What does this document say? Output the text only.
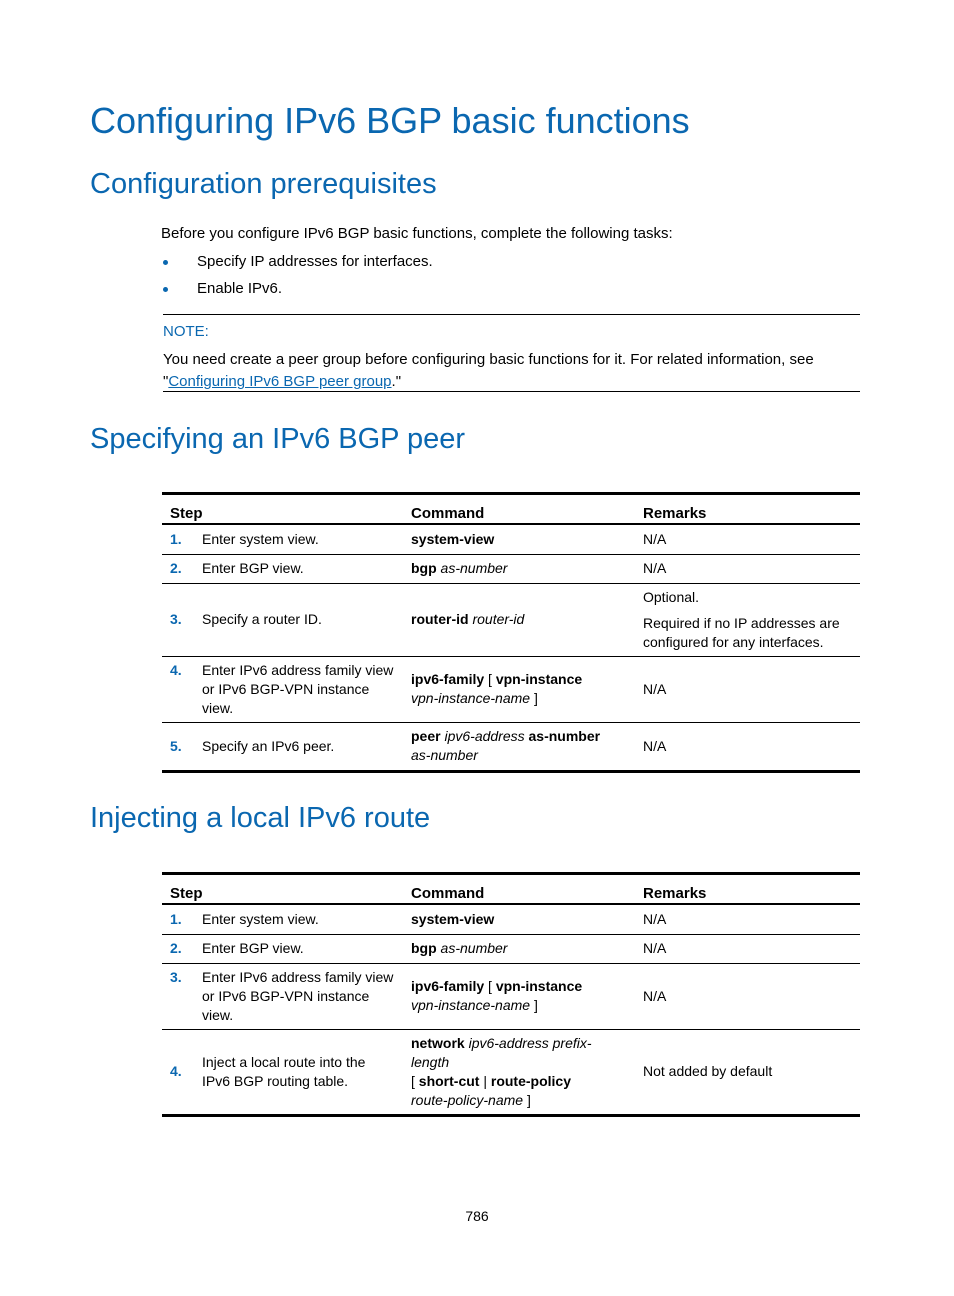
Configuring IPv6 BGP basic functions
Configuration prerequisites
Before you configure IPv6 BGP basic functions, complete the following tasks:
Specify IP addresses for interfaces.
Enable IPv6.
NOTE:
You need create a peer group before configuring basic functions for it. For related information, see
"Configuring IPv6 BGP peer group."
Specifying an IPv6 BGP peer
Step		Command	Remarks
1.	Enter system view.	system-view	N/A
2.	Enter BGP view.	bgp as-number	N/A
3.	Specify a router ID.	router-id router-id	Optional.
Required if no IP addresses are configured for any interfaces.

4.	Enter IPv6 address family view or IPv6 BGP-VPN instance view.	ipv6-family [ vpn-instance
vpn-instance-name ]	N/A
5.	Specify an IPv6 peer.	peer ipv6-address as-number
as-number	N/A
Injecting a local IPv6 route
Step		Command	Remarks
1.	Enter system view.	system-view	N/A
2.	Enter BGP view.	bgp as-number	N/A
3.	Enter IPv6 address family view or IPv6 BGP-VPN instance view.	ipv6-family [ vpn-instance
vpn-instance-name ]	N/A
4.	Inject a local route into the IPv6 BGP routing table.	network ipv6-address prefix-length
[ short-cut | route-policy
route-policy-name ]	Not added by default
786
